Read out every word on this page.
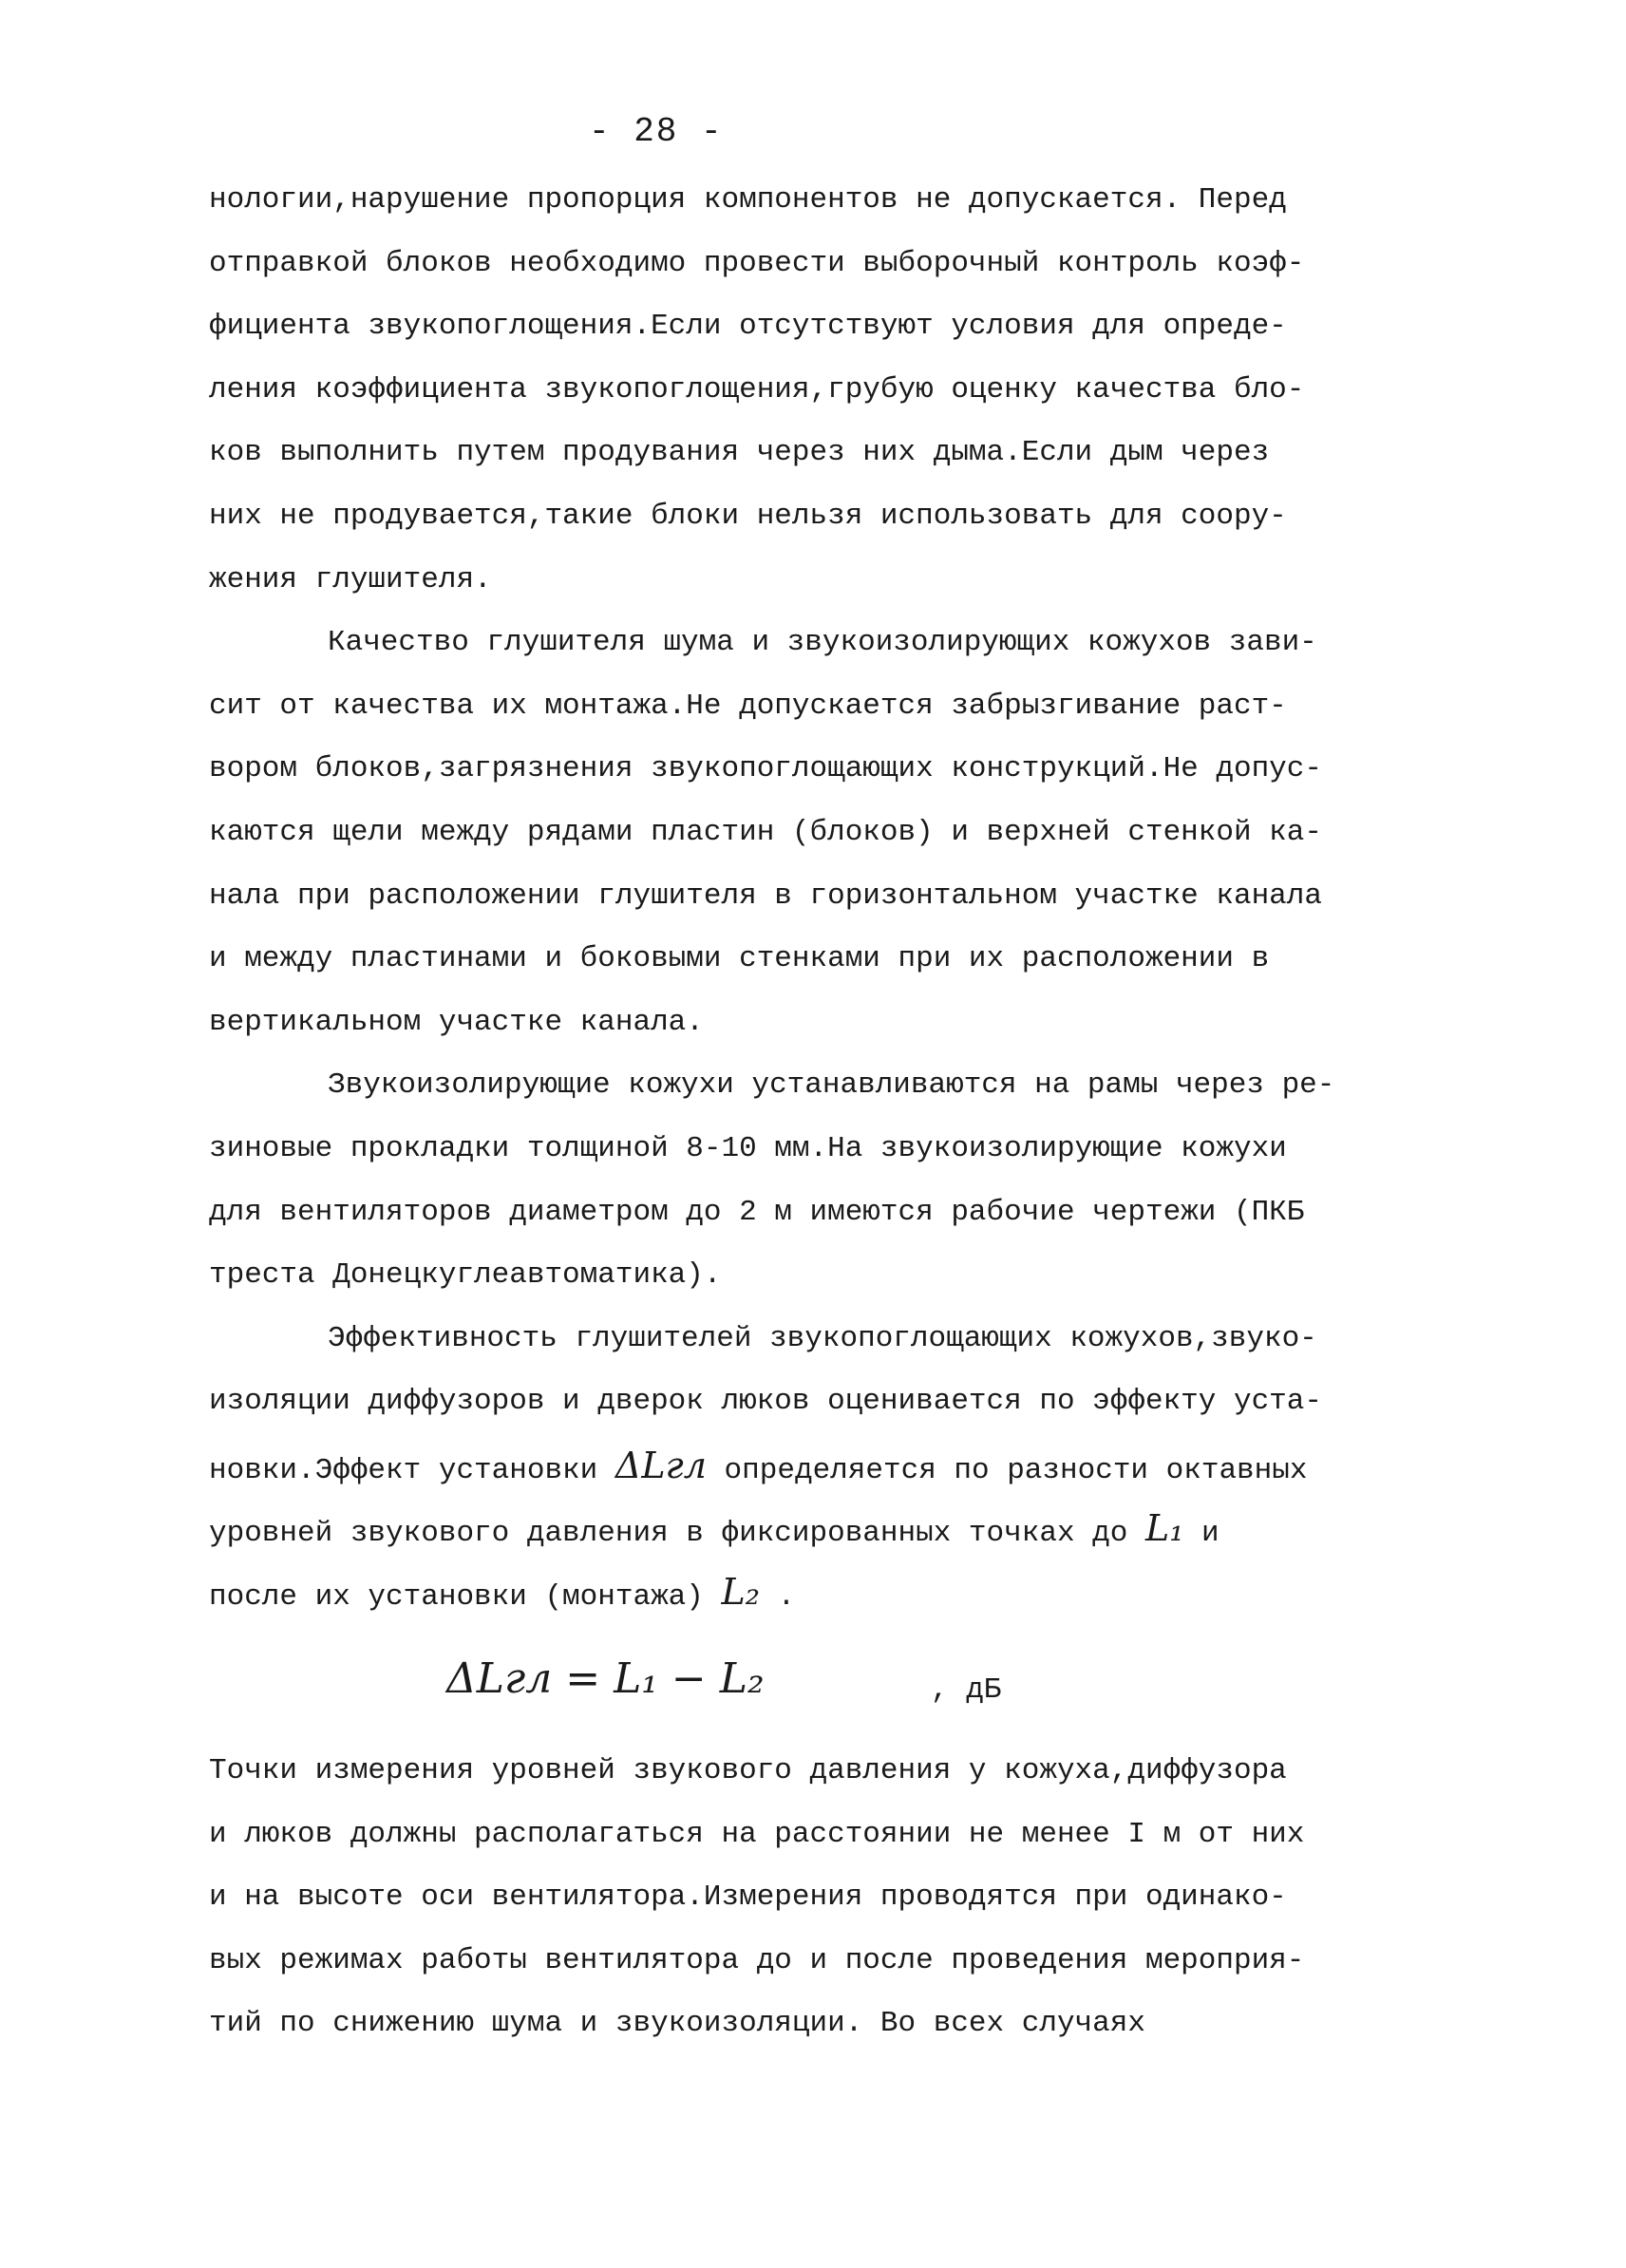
- 28 -
нологии,нарушение пропорция компонентов не допускается. Перед
отправкой блоков необходимо провести выборочный контроль коэф-
фициента звукопоглощения.Если отсутствуют условия для опреде-
ления коэффициента звукопоглощения,грубую оценку качества бло-
ков выполнить путем продувания через них дыма.Если дым через
них не продувается,такие блоки нельзя использовать для соору-
жения глушителя.
Качество глушителя шума и звукоизолирующих кожухов зави-
сит от качества их монтажа.Не допускается забрызгивание раст-
вором блоков,загрязнения звукопоглощающих конструкций.Не допус-
каются щели между рядами пластин (блоков) и верхней стенкой ка-
нала при расположении глушителя в горизонтальном участке канала
и между пластинами и боковыми стенками при их расположении в
вертикальном участке канала.
Звукоизолирующие кожухи устанавливаются на рамы через ре-
зиновые прокладки толщиной 8-10 мм.На звукоизолирующие кожухи
для вентиляторов диаметром до 2 м имеются рабочие чертежи (ПКБ
треста Донецкуглеавтоматика).
Эффективность глушителей звукопоглощающих кожухов,звуко-
изоляции диффузоров и дверок люков оценивается по эффекту уста-
новки.Эффект установки ΔLгл определяется по разности октавных
уровней звукового давления в фиксированных точках до L₁ и
после их установки (монтажа) L₂ .
ΔLгл = L₁ − L₂	, дБ
Точки измерения уровней звукового давления у кожуха,диффузора
и люков должны располагаться на расстоянии не менее I м от них
и на высоте оси вентилятора.Измерения проводятся при одинако-
вых режимах работы вентилятора до и после проведения мероприя-
тий по снижению шума и звукоизоляции. Во всех случаях
